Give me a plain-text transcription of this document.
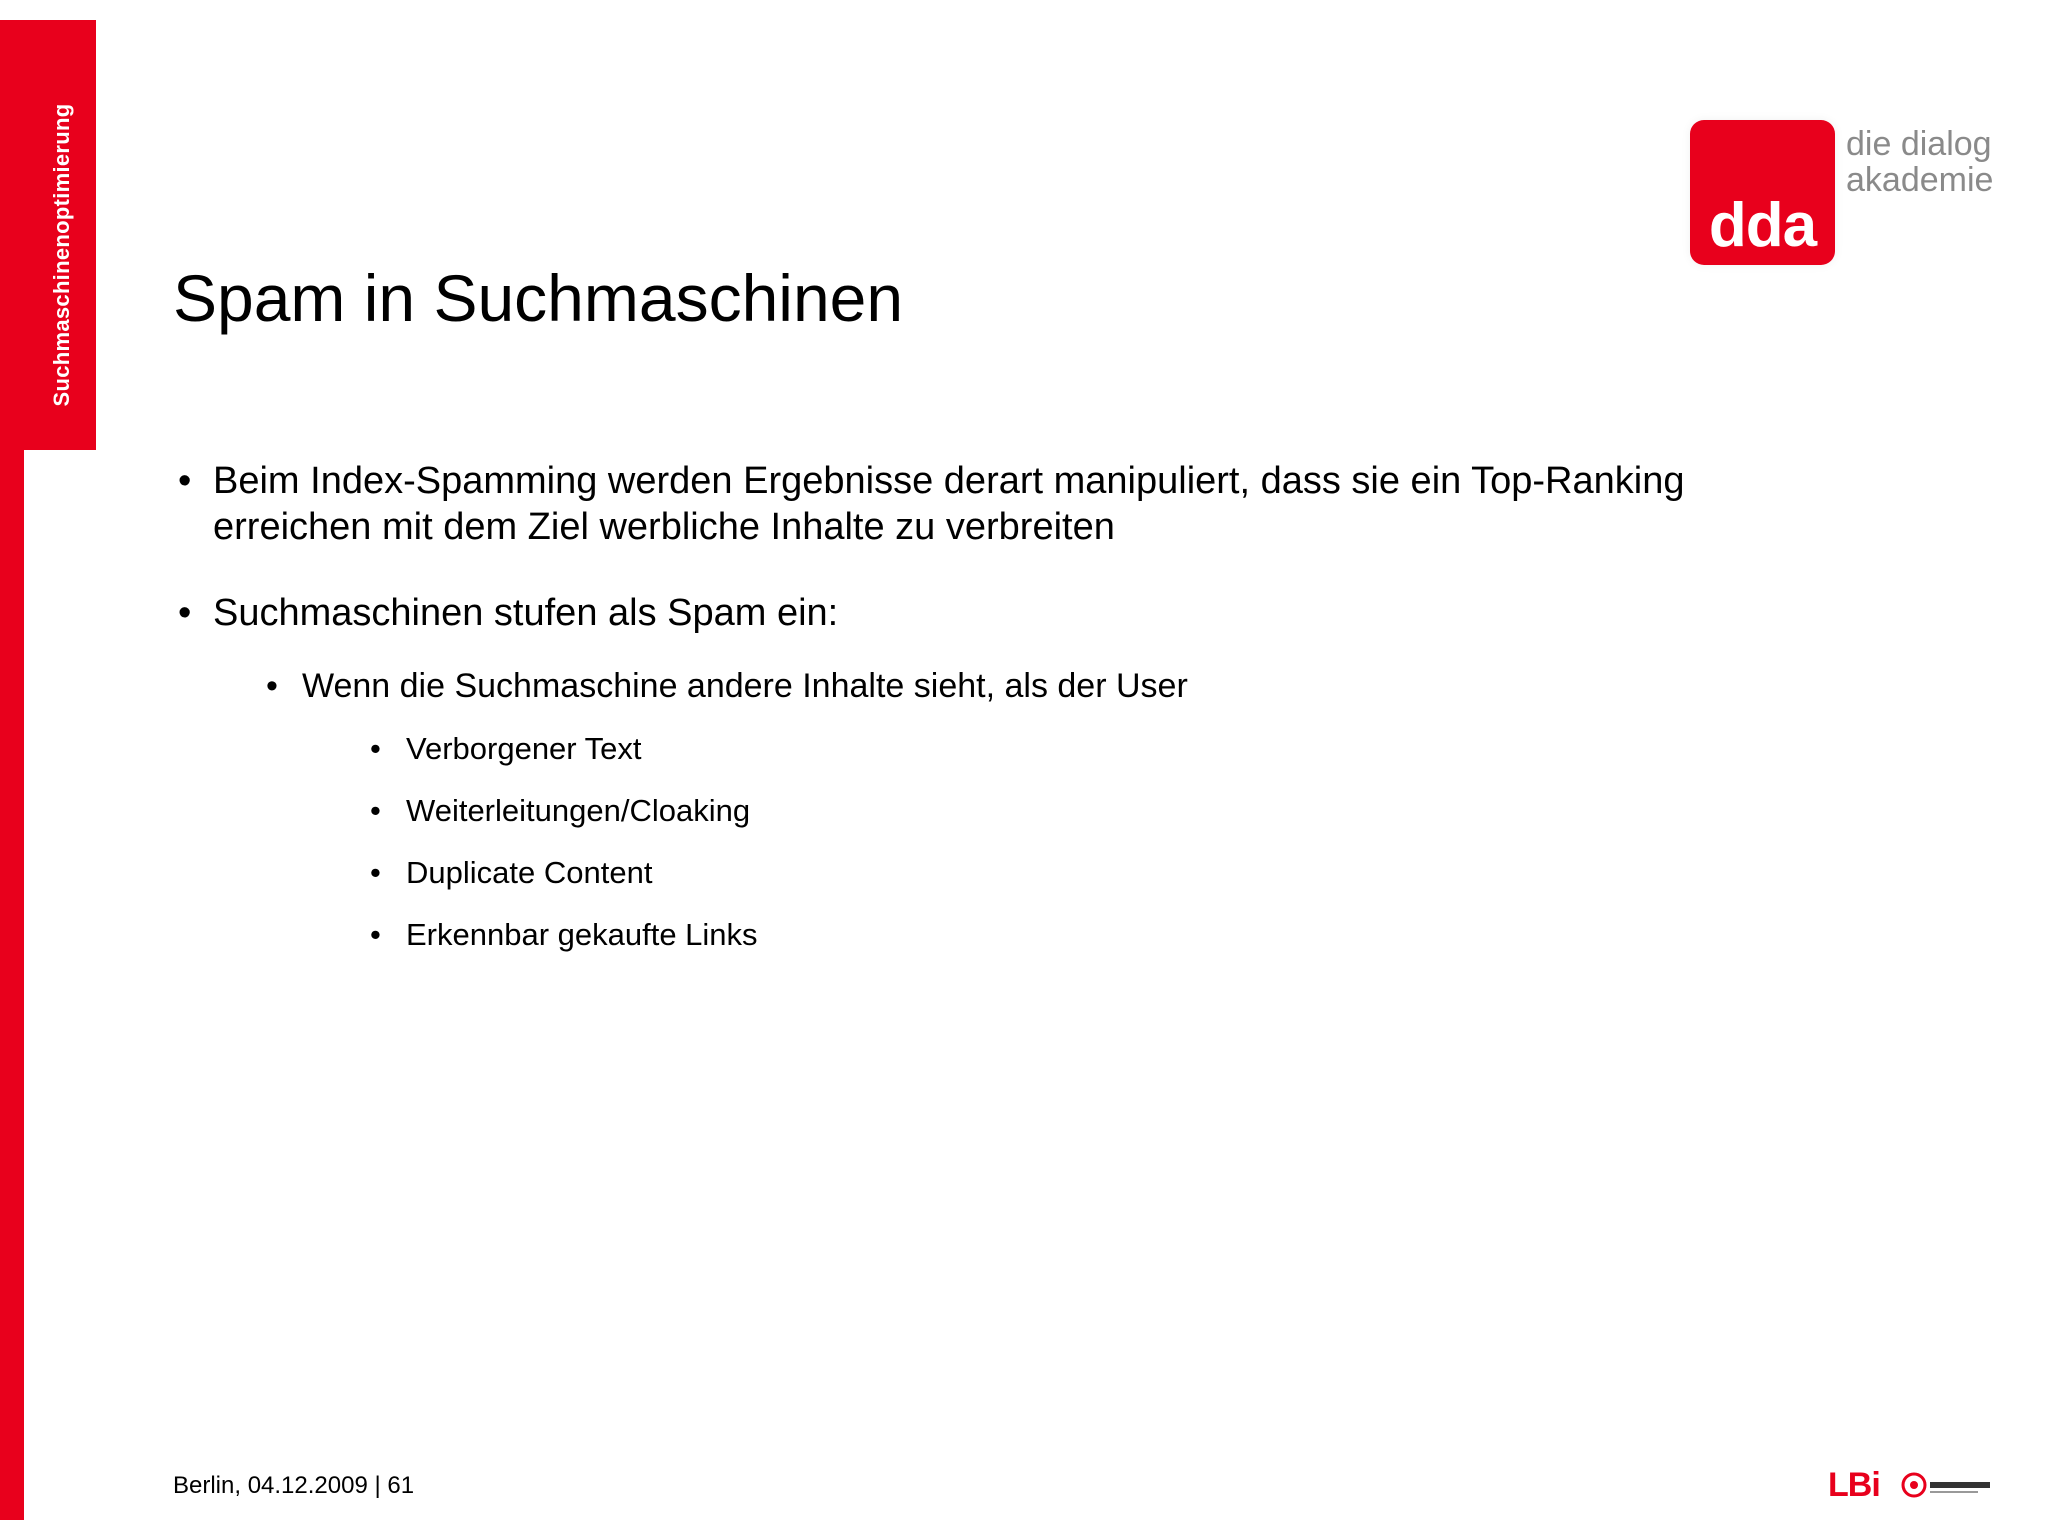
Suchmaschinenoptimierung	dda
die dialog
akademie
Spam in Suchmaschinen
• Beim Index-Spamming werden Ergebnisse derart manipuliert, dass sie ein Top-Ranking
erreichen mit dem Ziel werbliche Inhalte zu verbreiten
• Suchmaschinen stufen als Spam ein:
• Wenn die Suchmaschine andere Inhalte sieht, als der User
• Verborgener Text
• Weiterleitungen/Cloaking
• Duplicate Content
• Erkennbar gekaufte Links
Berlin, 04.12.2009 | 61	LBi
